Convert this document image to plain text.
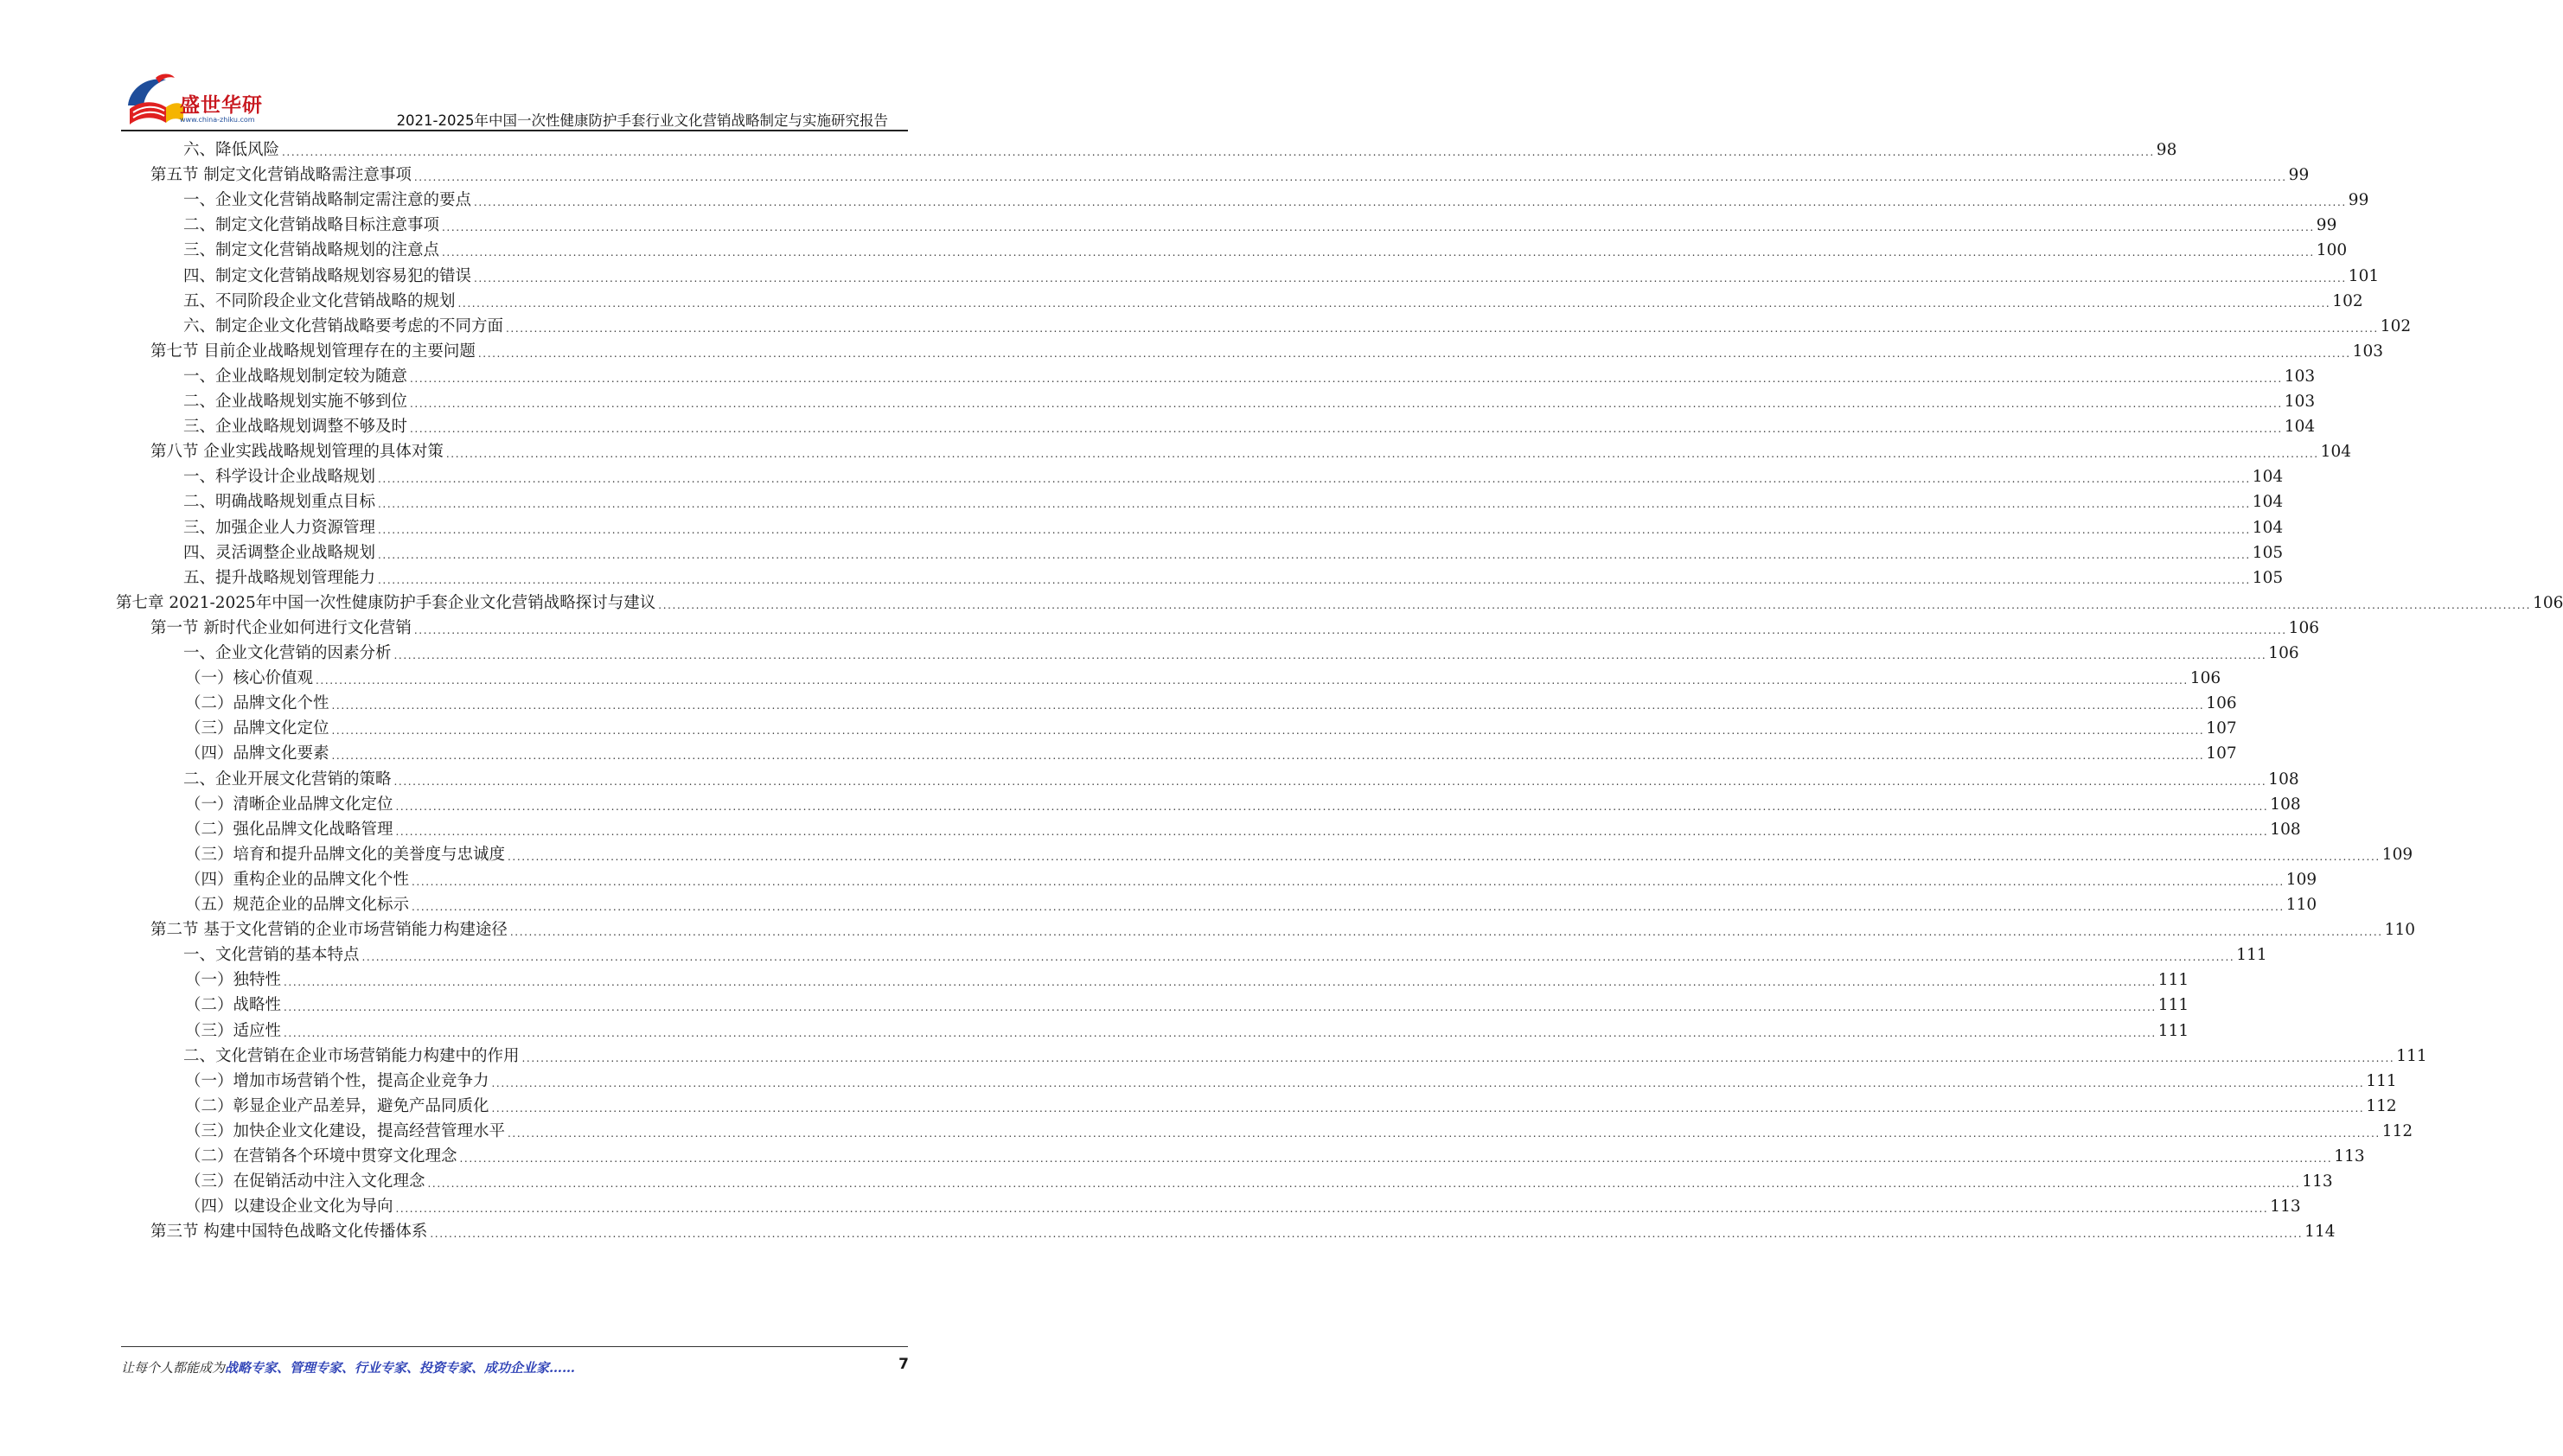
盛世华研
www.china-zhiku.com	2021-2025年中国一次性健康防护手套行业文化营销战略制定与实施研究报告
六、降低风险 ................................................................................................................................................................................................................................................................................................................................................................................................................ 98
第五节 制定文化营销战略需注意事项 ................................................................................................................................................................................................................................................................................................................................................................................................................ 99
一、企业文化营销战略制定需注意的要点 ................................................................................................................................................................................................................................................................................................................................................................................................................ 99
二、制定文化营销战略目标注意事项 ................................................................................................................................................................................................................................................................................................................................................................................................................ 99
三、制定文化营销战略规划的注意点 ................................................................................................................................................................................................................................................................................................................................................................................................................ 100
四、制定文化营销战略规划容易犯的错误 ................................................................................................................................................................................................................................................................................................................................................................................................................ 101
五、不同阶段企业文化营销战略的规划 ................................................................................................................................................................................................................................................................................................................................................................................................................ 102
六、制定企业文化营销战略要考虑的不同方面 ................................................................................................................................................................................................................................................................................................................................................................................................................ 102
第七节 目前企业战略规划管理存在的主要问题 ................................................................................................................................................................................................................................................................................................................................................................................................................ 103
一、企业战略规划制定较为随意 ................................................................................................................................................................................................................................................................................................................................................................................................................ 103
二、企业战略规划实施不够到位 ................................................................................................................................................................................................................................................................................................................................................................................................................ 103
三、企业战略规划调整不够及时 ................................................................................................................................................................................................................................................................................................................................................................................................................ 104
第八节 企业实践战略规划管理的具体对策 ................................................................................................................................................................................................................................................................................................................................................................................................................ 104
一、科学设计企业战略规划 ................................................................................................................................................................................................................................................................................................................................................................................................................ 104
二、明确战略规划重点目标 ................................................................................................................................................................................................................................................................................................................................................................................................................ 104
三、加强企业人力资源管理 ................................................................................................................................................................................................................................................................................................................................................................................................................ 104
四、灵活调整企业战略规划 ................................................................................................................................................................................................................................................................................................................................................................................................................ 105
五、提升战略规划管理能力 ................................................................................................................................................................................................................................................................................................................................................................................................................ 105
第七章 2021-2025年中国一次性健康防护手套企业文化营销战略探讨与建议 ................................................................................................................................................................................................................................................................................................................................................................................................................ 106
第一节 新时代企业如何进行文化营销 ................................................................................................................................................................................................................................................................................................................................................................................................................ 106
一、企业文化营销的因素分析 ................................................................................................................................................................................................................................................................................................................................................................................................................ 106
（一）核心价值观 ................................................................................................................................................................................................................................................................................................................................................................................................................ 106
（二）品牌文化个性 ................................................................................................................................................................................................................................................................................................................................................................................................................ 106
（三）品牌文化定位 ................................................................................................................................................................................................................................................................................................................................................................................................................ 107
（四）品牌文化要素 ................................................................................................................................................................................................................................................................................................................................................................................................................ 107
二、企业开展文化营销的策略 ................................................................................................................................................................................................................................................................................................................................................................................................................ 108
（一）清晰企业品牌文化定位 ................................................................................................................................................................................................................................................................................................................................................................................................................ 108
（二）强化品牌文化战略管理 ................................................................................................................................................................................................................................................................................................................................................................................................................ 108
（三）培育和提升品牌文化的美誉度与忠诚度 ................................................................................................................................................................................................................................................................................................................................................................................................................ 109
（四）重构企业的品牌文化个性 ................................................................................................................................................................................................................................................................................................................................................................................................................ 109
（五）规范企业的品牌文化标示 ................................................................................................................................................................................................................................................................................................................................................................................................................ 110
第二节 基于文化营销的企业市场营销能力构建途径 ................................................................................................................................................................................................................................................................................................................................................................................................................ 110
一、文化营销的基本特点 ................................................................................................................................................................................................................................................................................................................................................................................................................ 111
（一）独特性 ................................................................................................................................................................................................................................................................................................................................................................................................................ 111
（二）战略性 ................................................................................................................................................................................................................................................................................................................................................................................................................ 111
（三）适应性 ................................................................................................................................................................................................................................................................................................................................................................................................................ 111
二、文化营销在企业市场营销能力构建中的作用 ................................................................................................................................................................................................................................................................................................................................................................................................................ 111
（一）增加市场营销个性，提高企业竞争力 ................................................................................................................................................................................................................................................................................................................................................................................................................ 111
（二）彰显企业产品差异，避免产品同质化 ................................................................................................................................................................................................................................................................................................................................................................................................................ 112
（三）加快企业文化建设，提高经营管理水平 ................................................................................................................................................................................................................................................................................................................................................................................................................ 112
（二）在营销各个环境中贯穿文化理念 ................................................................................................................................................................................................................................................................................................................................................................................................................ 113
（三）在促销活动中注入文化理念 ................................................................................................................................................................................................................................................................................................................................................................................................................ 113
（四）以建设企业文化为导向 ................................................................................................................................................................................................................................................................................................................................................................................................................ 113
第三节 构建中国特色战略文化传播体系 ................................................................................................................................................................................................................................................................................................................................................................................................................ 114
让每个人都能成为战略专家、管理专家、行业专家、投资专家、成功企业家……	7
